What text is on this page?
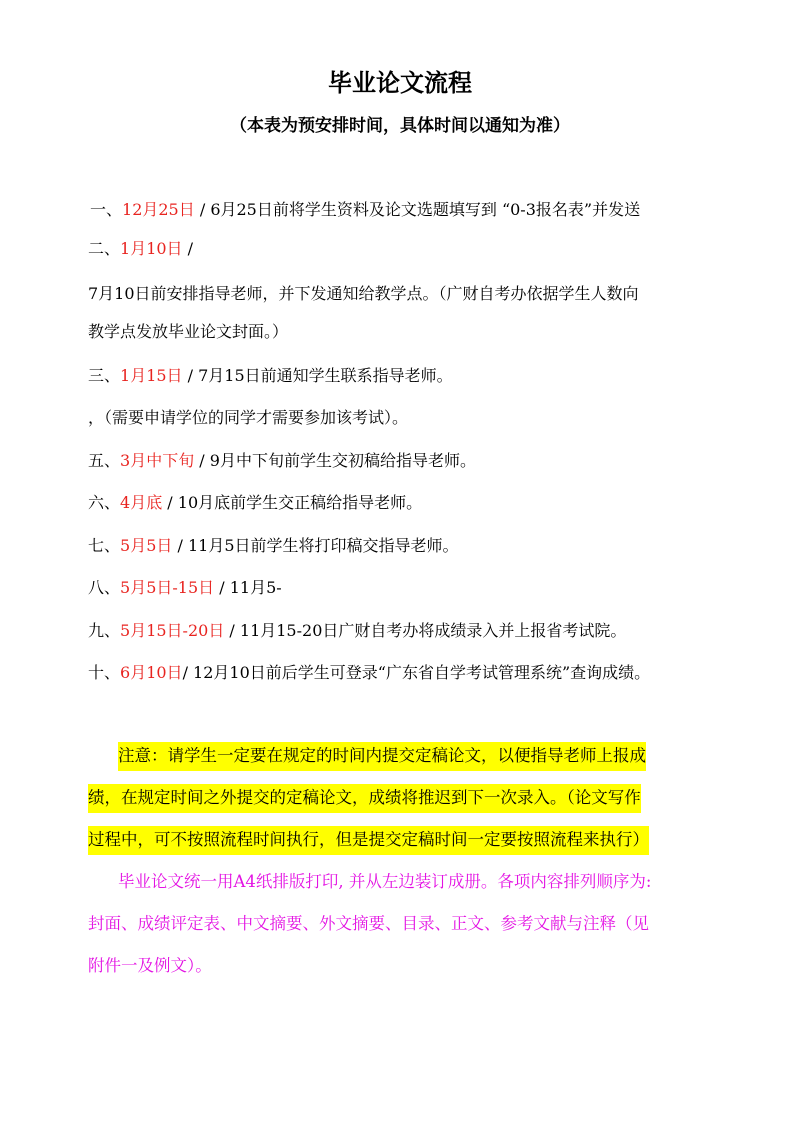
毕业论文流程
（本表为预安排时间，具体时间以通知为准）
一、12月25日 / 6月25日前将学生资料及论文选题填写到 “0-3报名表”并发送
二、1月10日 /
7月10日前安排指导老师，并下发通知给教学点。（广财自考办依据学生人数向
教学点发放毕业论文封面。）
三、1月15日 / 7月15日前通知学生联系指导老师。
，（需要申请学位的同学才需要参加该考试）。
五、3月中下旬 / 9月中下旬前学生交初稿给指导老师。
六、4月底 / 10月底前学生交正稿给指导老师。
七、5月5日 / 11月5日前学生将打印稿交指导老师。
八、5月5日-15日 / 11月5-
九、5月15日-20日 / 11月15-20日广财自考办将成绩录入并上报省考试院。
十、6月10日/ 12月10日前后学生可登录“广东省自学考试管理系统”查询成绩。
注意：请学生一定要在规定的时间内提交定稿论文，以便指导老师上报成
绩，在规定时间之外提交的定稿论文，成绩将推迟到下一次录入。（论文写作
过程中，可不按照流程时间执行，但是提交定稿时间一定要按照流程来执行）
毕业论文统一用A4纸排版打印, 并从左边装订成册。各项内容排列顺序为:
封面、成绩评定表、中文摘要、外文摘要、目录、正文、参考文献与注释（见
附件一及例文）。
